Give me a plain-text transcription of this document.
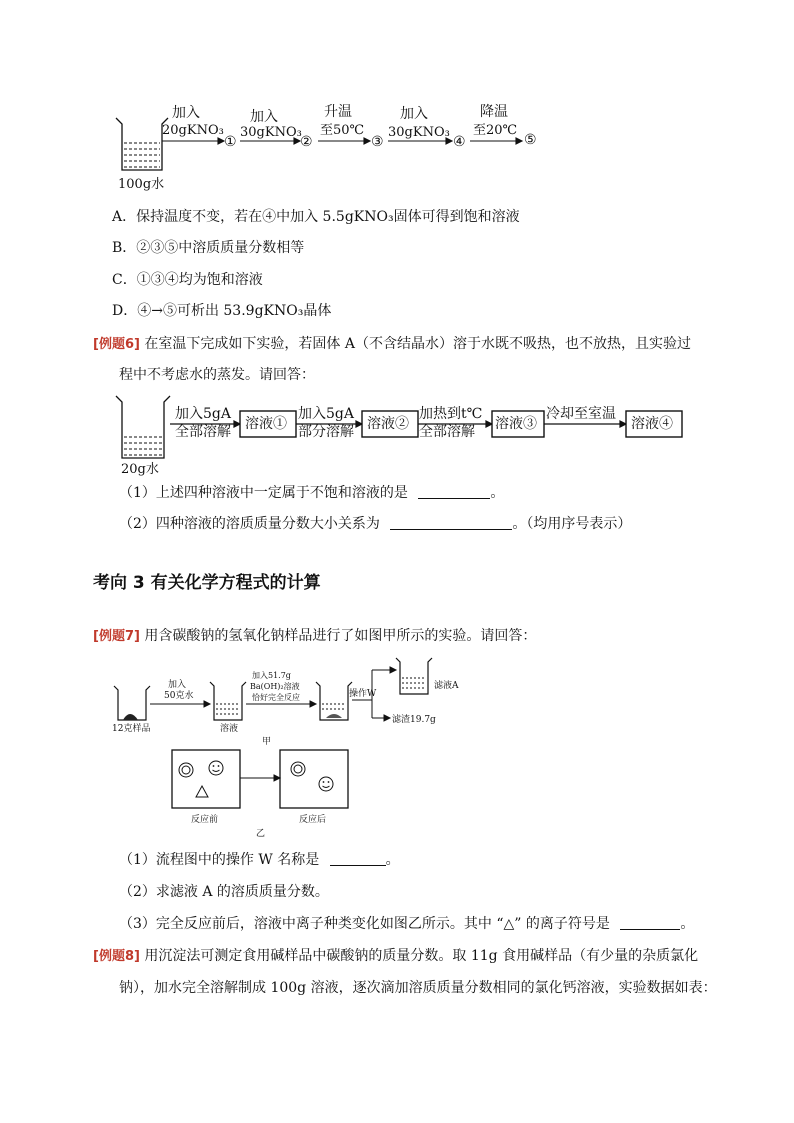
加入
20gKNO₃
①
加入
30gKNO₃
②
升温
至50℃
③
加入
30gKNO₃
④
降温
至20℃
⑤
100g水
A．保持温度不变，若在④中加入 5.5gKNO₃固体可得到饱和溶液
B．②③⑤中溶质质量分数相等
C．①③④均为饱和溶液
D．④→⑤可析出 53.9gKNO₃晶体
[例题6] 在室温下完成如下实验，若固体 A（不含结晶水）溶于水既不吸热，也不放热，且实验过
程中不考虑水的蒸发。请回答：
加入5gA
全部溶解
加入5gA
部分溶解
加热到t℃
全部溶解
冷却至室温
溶液①	溶液②	溶液③	溶液④
20g水
（1）上述四种溶液中一定属于不饱和溶液的是	。
（2）四种溶液的溶质质量分数大小关系为	。（均用序号表示）
考向 3 有关化学方程式的计算
[例题7] 用含碳酸钠的氢氧化钠样品进行了如图甲所示的实验。请回答：
12克样品
加入
50克水
溶液
加入51.7g
Ba(OH)₂溶液
恰好完全反应	操作W
滤液A
滤渣19.7g
甲
反应前	反应后
乙
（1）流程图中的操作 W 名称是	。
（2）求滤液 A 的溶质质量分数。
（3）完全反应前后，溶液中离子种类变化如图乙所示。其中 “△” 的离子符号是	。
[例题8] 用沉淀法可测定食用碱样品中碳酸钠的质量分数。取 11g 食用碱样品（有少量的杂质氯化
钠），加水完全溶解制成 100g 溶液，逐次滴加溶质质量分数相同的氯化钙溶液，实验数据如表：
